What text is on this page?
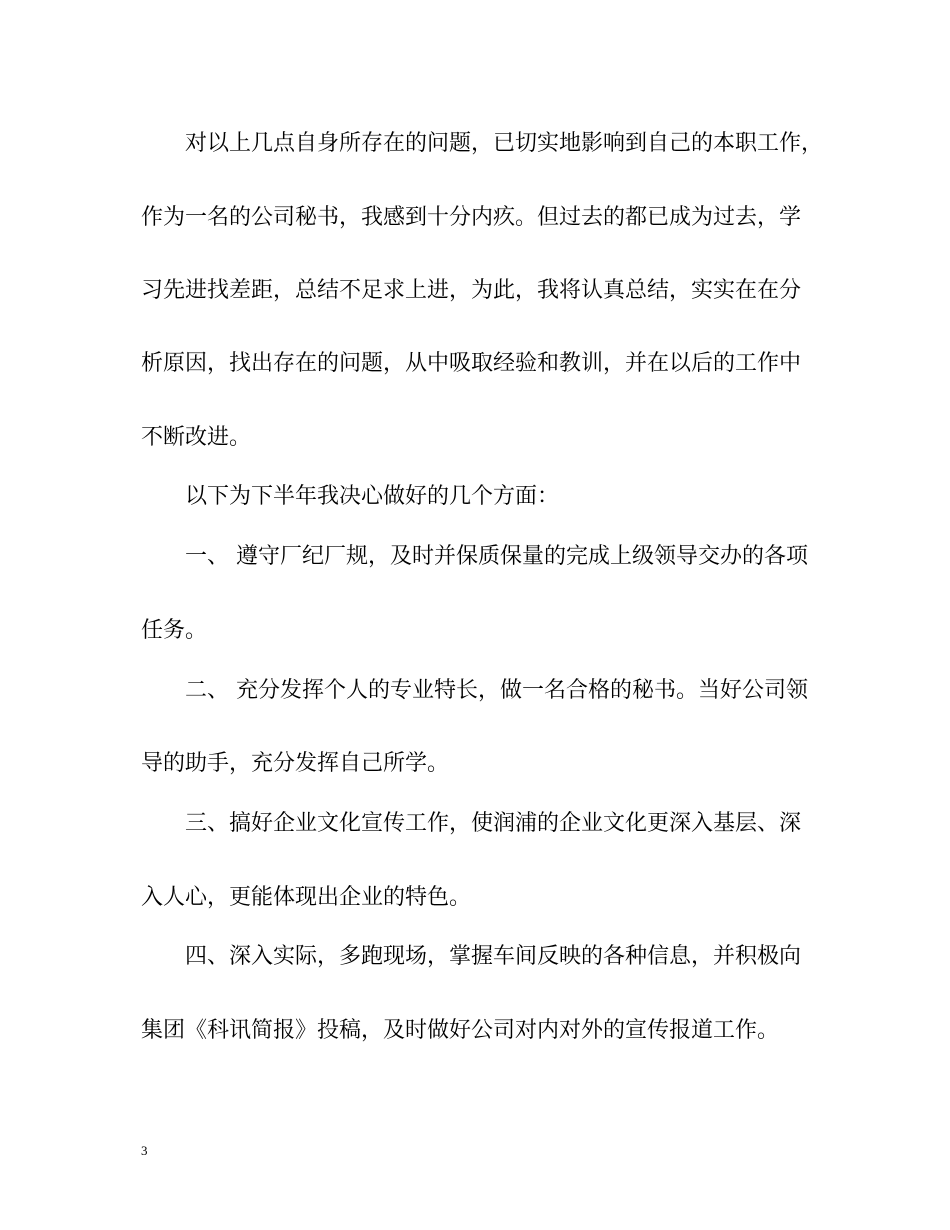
对以上几点自身所存在的问题，已切实地影响到自己的本职工作，
作为一名的公司秘书，我感到十分内疚。但过去的都已成为过去，学
习先进找差距，总结不足求上进，为此，我将认真总结，实实在在分
析原因，找出存在的问题，从中吸取经验和教训，并在以后的工作中
不断改进。
以下为下半年我决心做好的几个方面：
一、 遵守厂纪厂规，及时并保质保量的完成上级领导交办的各项
任务。
二、 充分发挥个人的专业特长，做一名合格的秘书。当好公司领
导的助手，充分发挥自己所学。
三、搞好企业文化宣传工作，使润浦的企业文化更深入基层、深
入人心，更能体现出企业的特色。
四、深入实际，多跑现场，掌握车间反映的各种信息，并积极向
集团《科讯简报》投稿，及时做好公司对内对外的宣传报道工作。
3
